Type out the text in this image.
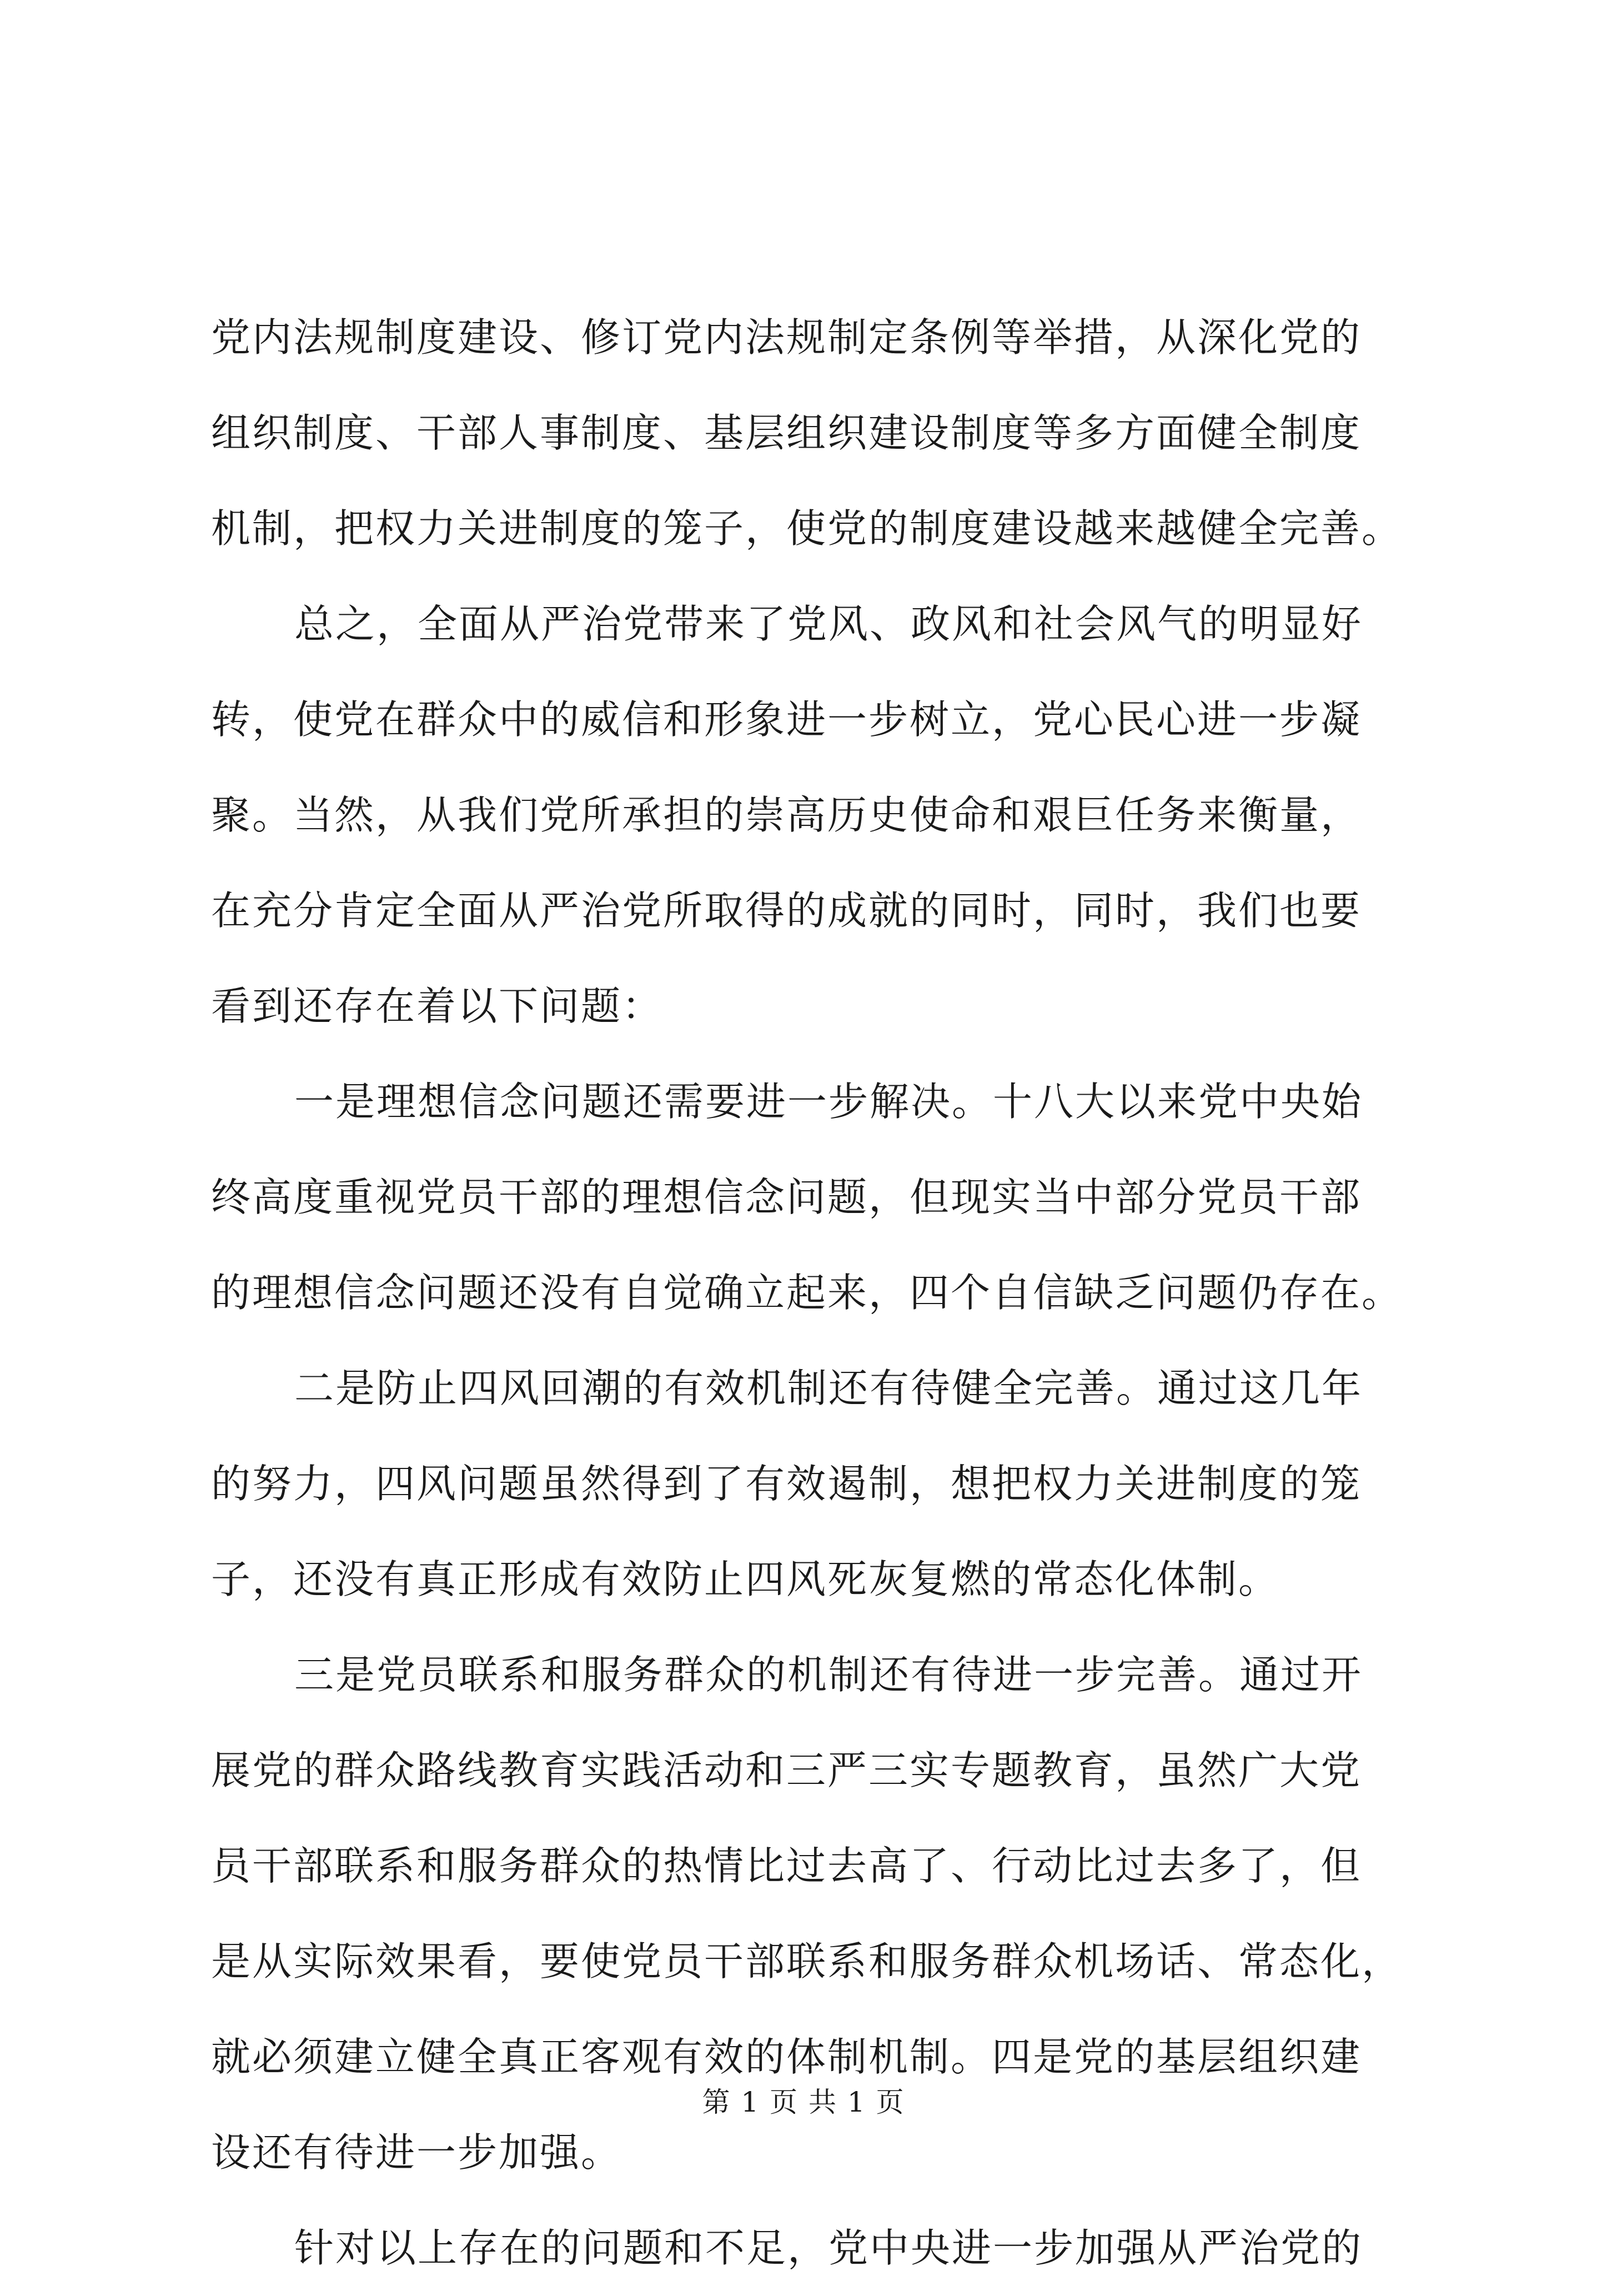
党内法规制度建设、修订党内法规制定条例等举措，从深化党的
组织制度、干部人事制度、基层组织建设制度等多方面健全制度
机制，把权力关进制度的笼子，使党的制度建设越来越健全完善。
总之，全面从严治党带来了党风、政风和社会风气的明显好
转，使党在群众中的威信和形象进一步树立，党心民心进一步凝
聚。当然，从我们党所承担的崇高历史使命和艰巨任务来衡量，
在充分肯定全面从严治党所取得的成就的同时，同时，我们也要
看到还存在着以下问题：
一是理想信念问题还需要进一步解决。十八大以来党中央始
终高度重视党员干部的理想信念问题，但现实当中部分党员干部
的理想信念问题还没有自觉确立起来，四个自信缺乏问题仍存在。
二是防止四风回潮的有效机制还有待健全完善。通过这几年
的努力，四风问题虽然得到了有效遏制，想把权力关进制度的笼
子，还没有真正形成有效防止四风死灰复燃的常态化体制。
三是党员联系和服务群众的机制还有待进一步完善。通过开
展党的群众路线教育实践活动和三严三实专题教育，虽然广大党
员干部联系和服务群众的热情比过去高了、行动比过去多了，但
是从实际效果看，要使党员干部联系和服务群众机场话、常态化，
就必须建立健全真正客观有效的体制机制。四是党的基层组织建
设还有待进一步加强。
针对以上存在的问题和不足，党中央进一步加强从严治党的
第 1 页 共 1 页
